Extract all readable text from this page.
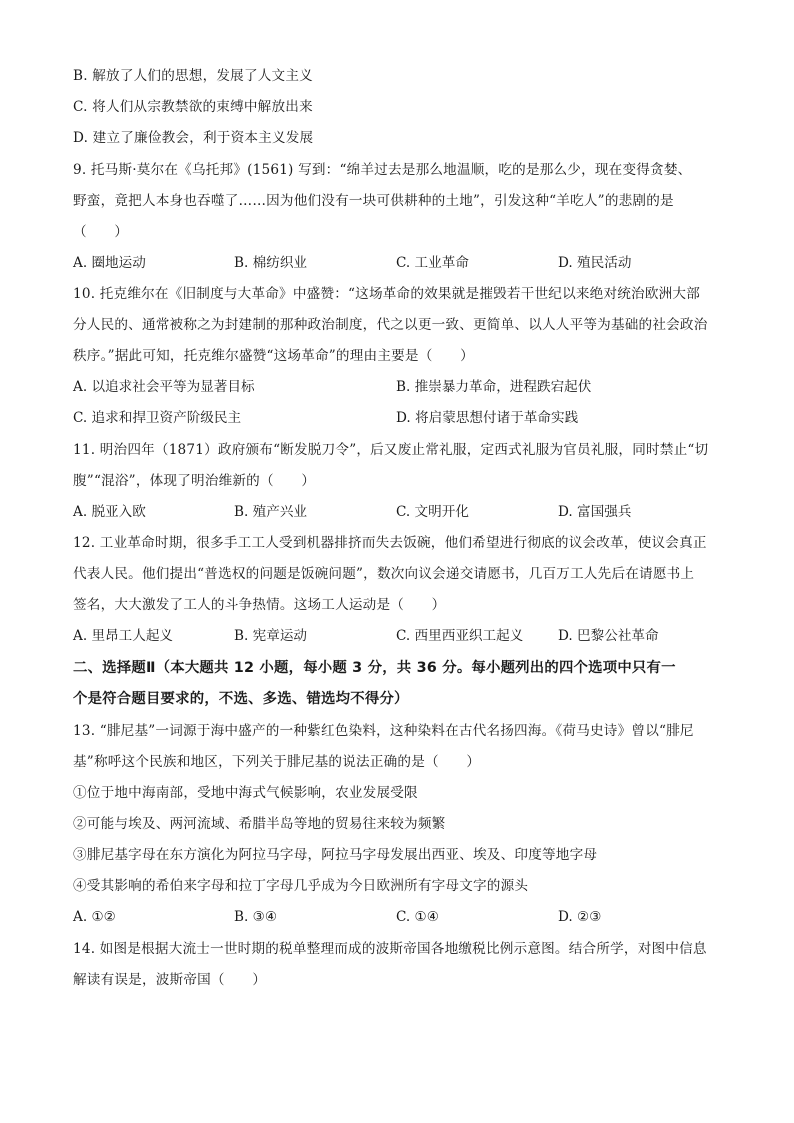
B. 解放了人们的思想，发展了人文主义
C. 将人们从宗教禁欲的束缚中解放出来
D. 建立了廉俭教会，利于资本主义发展
9. 托马斯·莫尔在《乌托邦》(1561) 写到：“绵羊过去是那么地温顺，吃的是那么少，现在变得贪婪、
野蛮，竟把人本身也吞噬了……因为他们没有一块可供耕种的土地”，引发这种“羊吃人”的悲剧的是
（　　）
A. 圈地运动	B. 棉纺织业	C. 工业革命	D. 殖民活动
10. 托克维尔在《旧制度与大革命》中盛赞：“这场革命的效果就是摧毁若干世纪以来绝对统治欧洲大部
分人民的、通常被称之为封建制的那种政治制度，代之以更一致、更简单、以人人平等为基础的社会政治
秩序。”据此可知，托克维尔盛赞“这场革命”的理由主要是（　　）
A. 以追求社会平等为显著目标	B. 推崇暴力革命，进程跌宕起伏
C. 追求和捍卫资产阶级民主	D. 将启蒙思想付诸于革命实践
11. 明治四年（1871）政府颁布“断发脱刀令”，后又废止常礼服，定西式礼服为官员礼服，同时禁止“切
腹”“混浴”，体现了明治维新的（　　）
A. 脱亚入欧	B. 殖产兴业	C. 文明开化	D. 富国强兵
12. 工业革命时期，很多手工工人受到机器排挤而失去饭碗，他们希望进行彻底的议会改革，使议会真正
代表人民。他们提出“普选权的问题是饭碗问题”，数次向议会递交请愿书，几百万工人先后在请愿书上
签名，大大激发了工人的斗争热情。这场工人运动是（　　）
A. 里昂工人起义	B. 宪章运动	C. 西里西亚织工起义	D. 巴黎公社革命
二、选择题Ⅱ（本大题共 12 小题，每小题 3 分，共 36 分。每小题列出的四个选项中只有一
个是符合题目要求的，不选、多选、错选均不得分）
13. “腓尼基”一词源于海中盛产的一种紫红色染料，这种染料在古代名扬四海。《荷马史诗》曾以“腓尼
基”称呼这个民族和地区，下列关于腓尼基的说法正确的是（　　）
①位于地中海南部，受地中海式气候影响，农业发展受限
②可能与埃及、两河流域、希腊半岛等地的贸易往来较为频繁
③腓尼基字母在东方演化为阿拉马字母，阿拉马字母发展出西亚、埃及、印度等地字母
④受其影响的希伯来字母和拉丁字母几乎成为今日欧洲所有字母文字的源头
A. ①②	B. ③④	C. ①④	D. ②③
14. 如图是根据大流士一世时期的税单整理而成的波斯帝国各地缴税比例示意图。结合所学，对图中信息
解读有误是，波斯帝国（　　）
